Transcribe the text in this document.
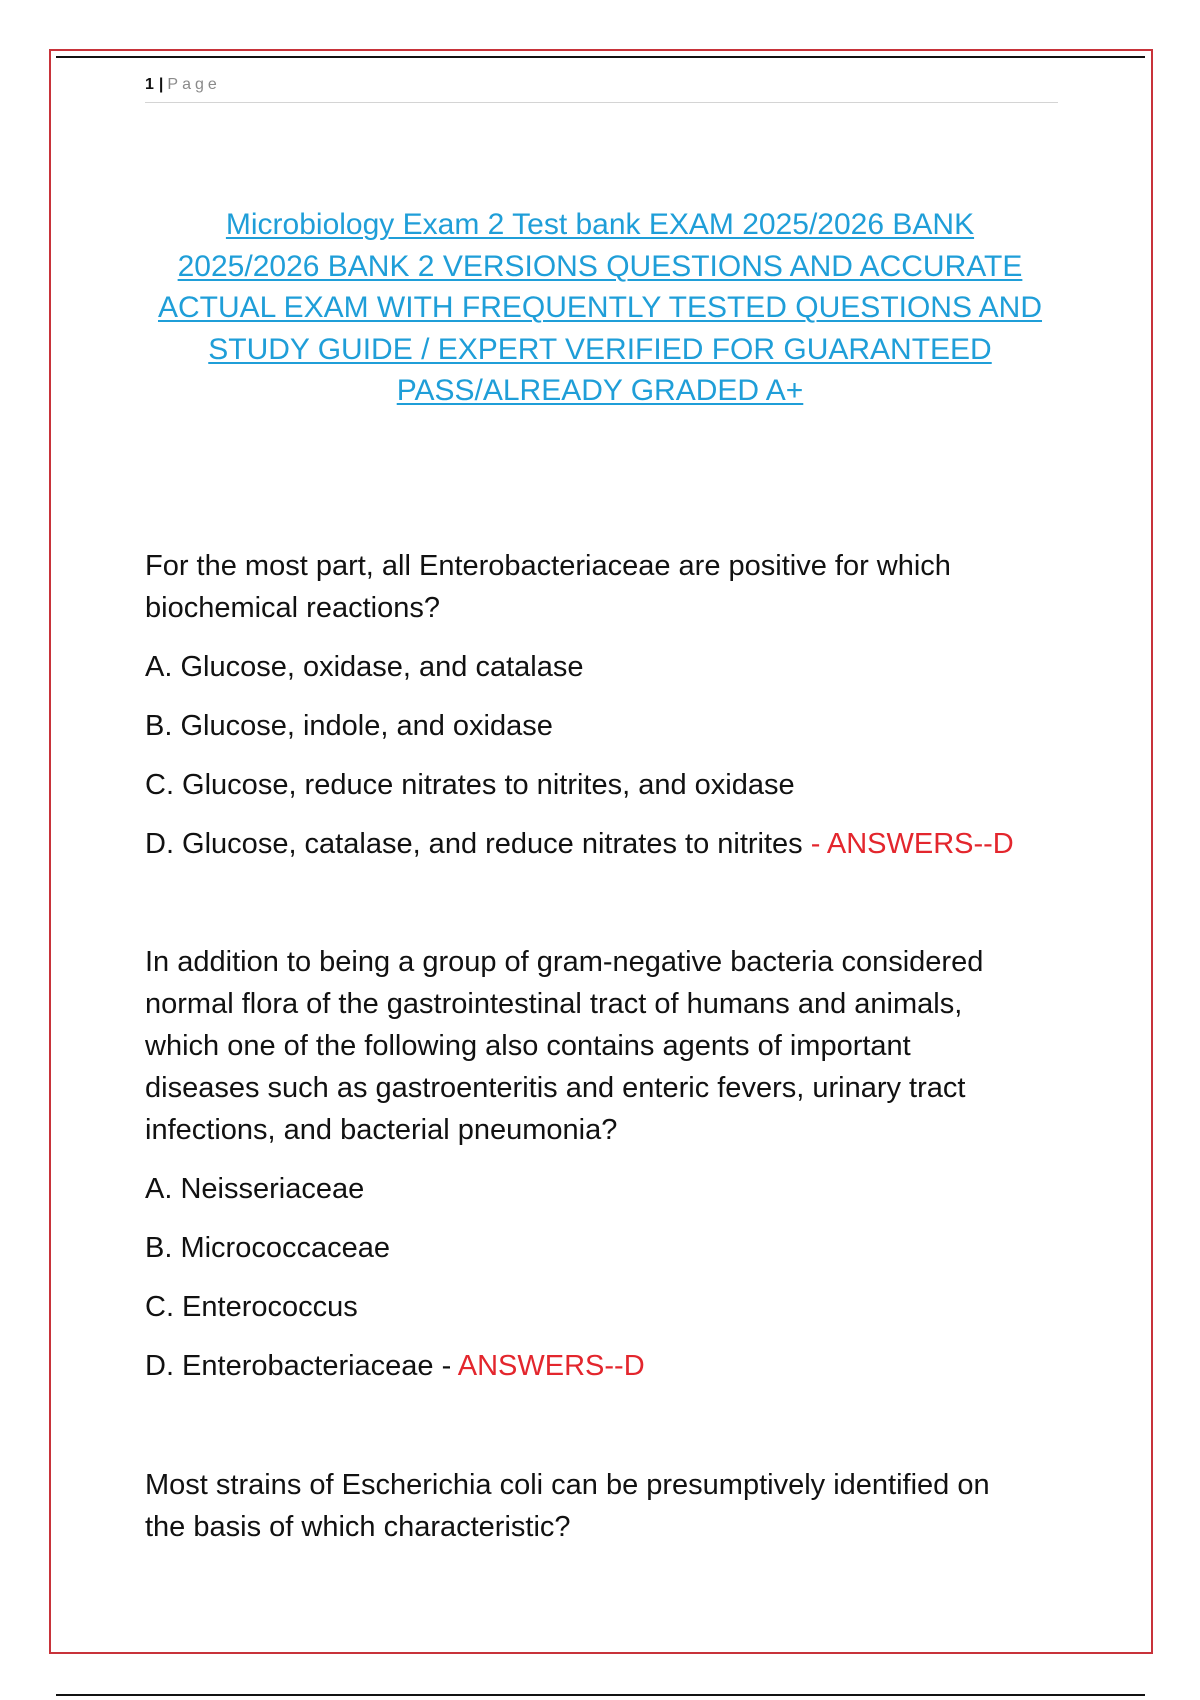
1 | Page
Microbiology Exam 2 Test bank EXAM 2025/2026 BANK
2025/2026 BANK 2 VERSIONS QUESTIONS AND ACCURATE
ACTUAL EXAM WITH FREQUENTLY TESTED QUESTIONS AND
STUDY GUIDE / EXPERT VERIFIED FOR GUARANTEED
PASS/ALREADY GRADED A+

For the most part, all Enterobacteriaceae are positive for which biochemical reactions?

A. Glucose, oxidase, and catalase

B. Glucose, indole, and oxidase

C. Glucose, reduce nitrates to nitrites, and oxidase

D. Glucose, catalase, and reduce nitrates to nitrites - ANSWERS--D

In addition to being a group of gram-negative bacteria considered normal flora of the gastrointestinal tract of humans and animals, which one of the following also contains agents of important diseases such as gastroenteritis and enteric fevers, urinary tract infections, and bacterial pneumonia?

A. Neisseriaceae

B. Micrococcaceae

C. Enterococcus

D. Enterobacteriaceae - ANSWERS--D

Most strains of Escherichia coli can be presumptively identified on the basis of which characteristic?
